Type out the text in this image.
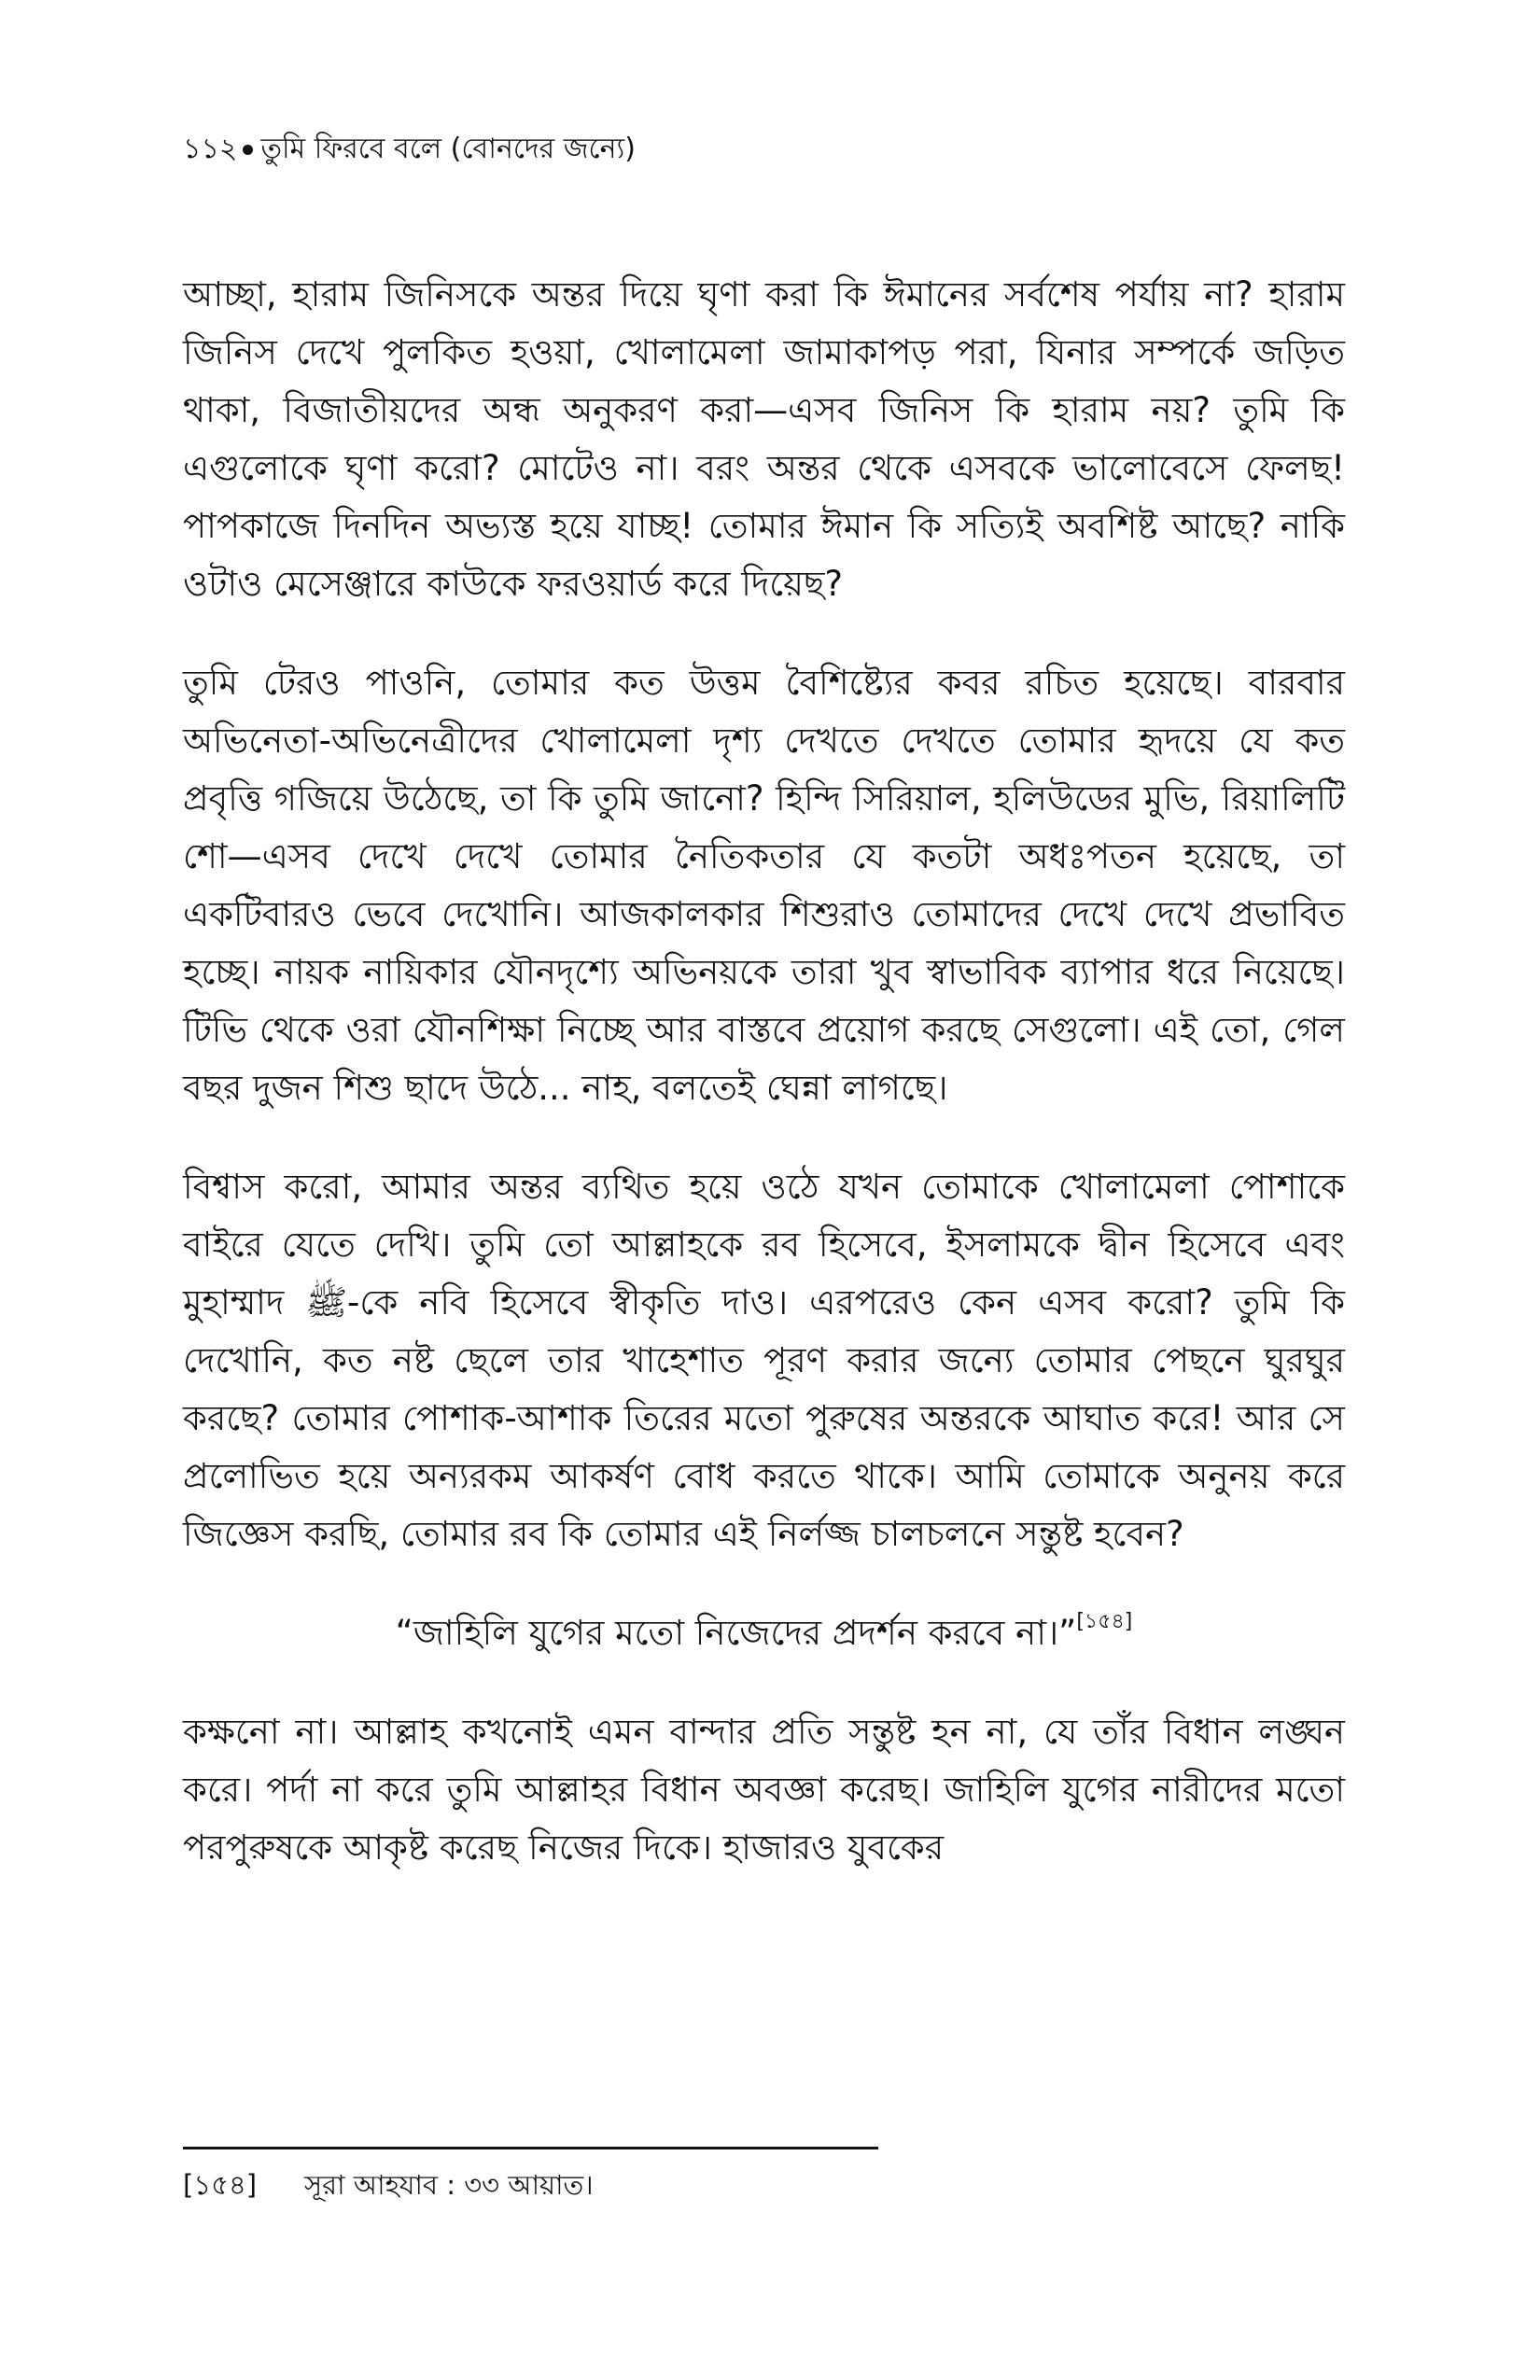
১১২ তুমি ফিরবে বলে (বোনদের জন্যে)

আচ্ছা, হারাম জিনিসকে অন্তর দিয়ে ঘৃণা করা কি ঈমানের সর্বশেষ পর্যায় না? হারাম জিনিস দেখে পুলকিত হওয়া, খোলামেলা জামাকাপড় পরা, যিনার সম্পর্কে জড়িত থাকা, বিজাতীয়দের অন্ধ অনুকরণ করা—এসব জিনিস কি হারাম নয়? তুমি কি এগুলোকে ঘৃণা করো? মোটেও না। বরং অন্তর থেকে এসবকে ভালোবেসে ফেলছ! পাপকাজে দিনদিন অভ্যস্ত হয়ে যাচ্ছ! তোমার ঈমান কি সত্যিই অবশিষ্ট আছে? নাকি ওটাও মেসেঞ্জারে কাউকে ফরওয়ার্ড করে দিয়েছ?

তুমি টেরও পাওনি, তোমার কত উত্তম বৈশিষ্ট্যের কবর রচিত হয়েছে। বারবার অভিনেতা-অভিনেত্রীদের খোলামেলা দৃশ্য দেখতে দেখতে তোমার হৃদয়ে যে কত প্রবৃত্তি গজিয়ে উঠেছে, তা কি তুমি জানো? হিন্দি সিরিয়াল, হলিউডের মুভি, রিয়ালিটি শো—এসব দেখে দেখে তোমার নৈতিকতার যে কতটা অধঃপতন হয়েছে, তা একটিবারও ভেবে দেখোনি। আজকালকার শিশুরাও তোমাদের দেখে দেখে প্রভাবিত হচ্ছে। নায়ক নায়িকার যৌনদৃশ্যে অভিনয়কে তারা খুব স্বাভাবিক ব্যাপার ধরে নিয়েছে। টিভি থেকে ওরা যৌনশিক্ষা নিচ্ছে আর বাস্তবে প্রয়োগ করছে সেগুলো। এই তো, গেল বছর দুজন শিশু ছাদে উঠে... নাহ, বলতেই ঘেন্না লাগছে।

বিশ্বাস করো, আমার অন্তর ব্যথিত হয়ে ওঠে যখন তোমাকে খোলামেলা পোশাকে বাইরে যেতে দেখি। তুমি তো আল্লাহকে রব হিসেবে, ইসলামকে দ্বীন হিসেবে এবং মুহাম্মাদ ﷺ-কে নবি হিসেবে স্বীকৃতি দাও। এরপরেও কেন এসব করো? তুমি কি দেখোনি, কত নষ্ট ছেলে তার খাহেশাত পূরণ করার জন্যে তোমার পেছনে ঘুরঘুর করছে? তোমার পোশাক-আশাক তিরের মতো পুরুষের অন্তরকে আঘাত করে! আর সে প্রলোভিত হয়ে অন্যরকম আকর্ষণ বোধ করতে থাকে। আমি তোমাকে অনুনয় করে জিজ্ঞেস করছি, তোমার রব কি তোমার এই নির্লজ্জ চালচলনে সন্তুষ্ট হবেন?

“জাহিলি যুগের মতো নিজেদের প্রদর্শন করবে না।”[১৫৪]

কক্ষনো না। আল্লাহ কখনোই এমন বান্দার প্রতি সন্তুষ্ট হন না, যে তাঁর বিধান লঙ্ঘন করে। পর্দা না করে তুমি আল্লাহর বিধান অবজ্ঞা করেছ। জাহিলি যুগের নারীদের মতো পরপুরুষকে আকৃষ্ট করেছ নিজের দিকে। হাজারও যুবকের

[১৫৪] সূরা আহযাব : ৩৩ আয়াত।
